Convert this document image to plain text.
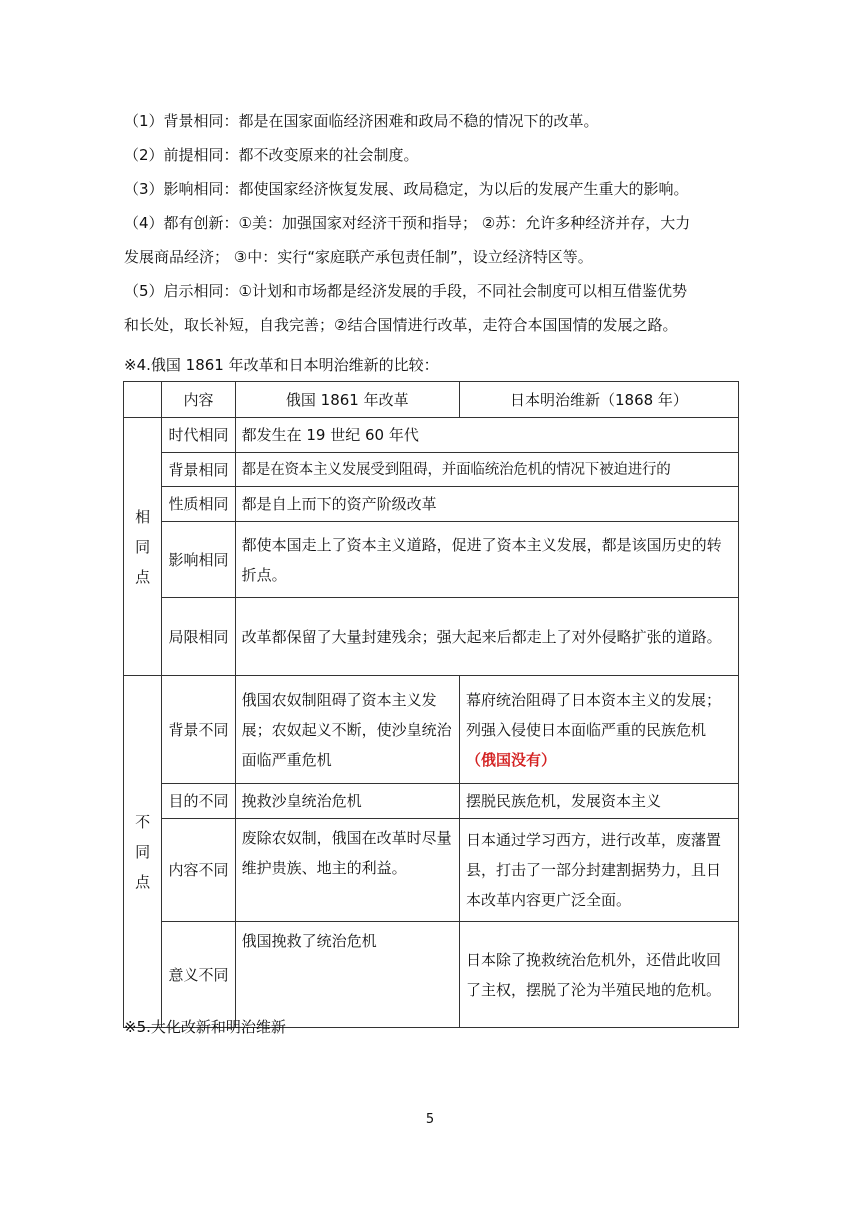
（1）背景相同：都是在国家面临经济困难和政局不稳的情况下的改革。
（2）前提相同：都不改变原来的社会制度。
（3）影响相同：都使国家经济恢复发展、政局稳定，为以后的发展产生重大的影响。
（4）都有创新：①美：加强国家对经济干预和指导； ②苏：允许多种经济并存，大力
发展商品经济； ③中：实行“家庭联产承包责任制”，设立经济特区等。
（5）启示相同：①计划和市场都是经济发展的手段，不同社会制度可以相互借鉴优势
和长处，取长补短，自我完善；②结合国情进行改革，走符合本国国情的发展之路。
※4.俄国 1861 年改革和日本明治维新的比较：
	内容	俄国 1861 年改革	日本明治维新（1868 年）

相
同
点	时代相同	都发生在 19 世纪 60 年代	
	背景相同	都是在资本主义发展受到阻碍，并面临统治危机的情况下被迫进行的	
	性质相同	都是自上而下的资产阶级改革	
	影响相同	都使本国走上了资本主义道路，促进了资本主义发展，都是该国历史的转折点。	
	局限相同	改革都保留了大量封建残余；强大起来后都走上了对外侵略扩张的道路。	

不
同
点	背景不同	俄国农奴制阻碍了资本主义发展；农奴起义不断，使沙皇统治面临严重危机	幕府统治阻碍了日本资本主义的发展；列强入侵使日本面临严重的民族危机（俄国没有）
	目的不同	挽救沙皇统治危机	摆脱民族危机，发展资本主义
	内容不同	废除农奴制，俄国在改革时尽量维护贵族、地主的利益。	日本通过学习西方，进行改革，废藩置县，打击了一部分封建割据势力，且日本改革内容更广泛全面。
	意义不同	俄国挽救了统治危机	日本除了挽救统治危机外，还借此收回了主权，摆脱了沦为半殖民地的危机。
※5.大化改新和明治维新
5
